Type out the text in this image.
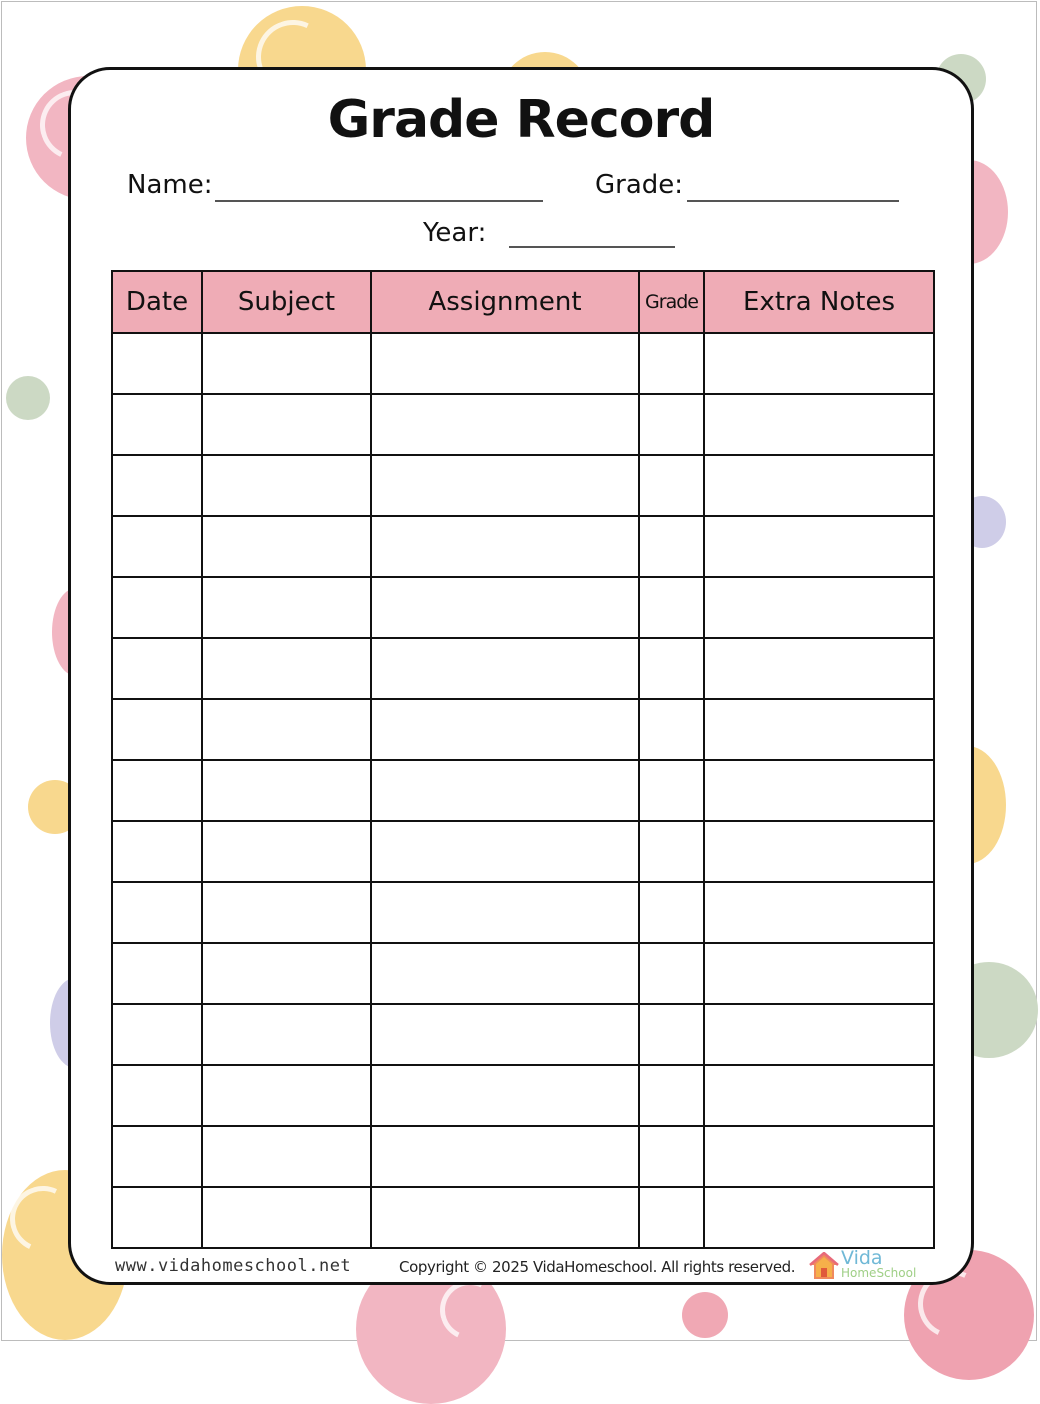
Grade Record
Name:	Grade:
Year:
Date	Subject	Assignment	Grade	Extra Notes

www.vidahomeschool.net	Copyright © 2025 VidaHomeschool. All rights reserved. Vida
HomeSchool
